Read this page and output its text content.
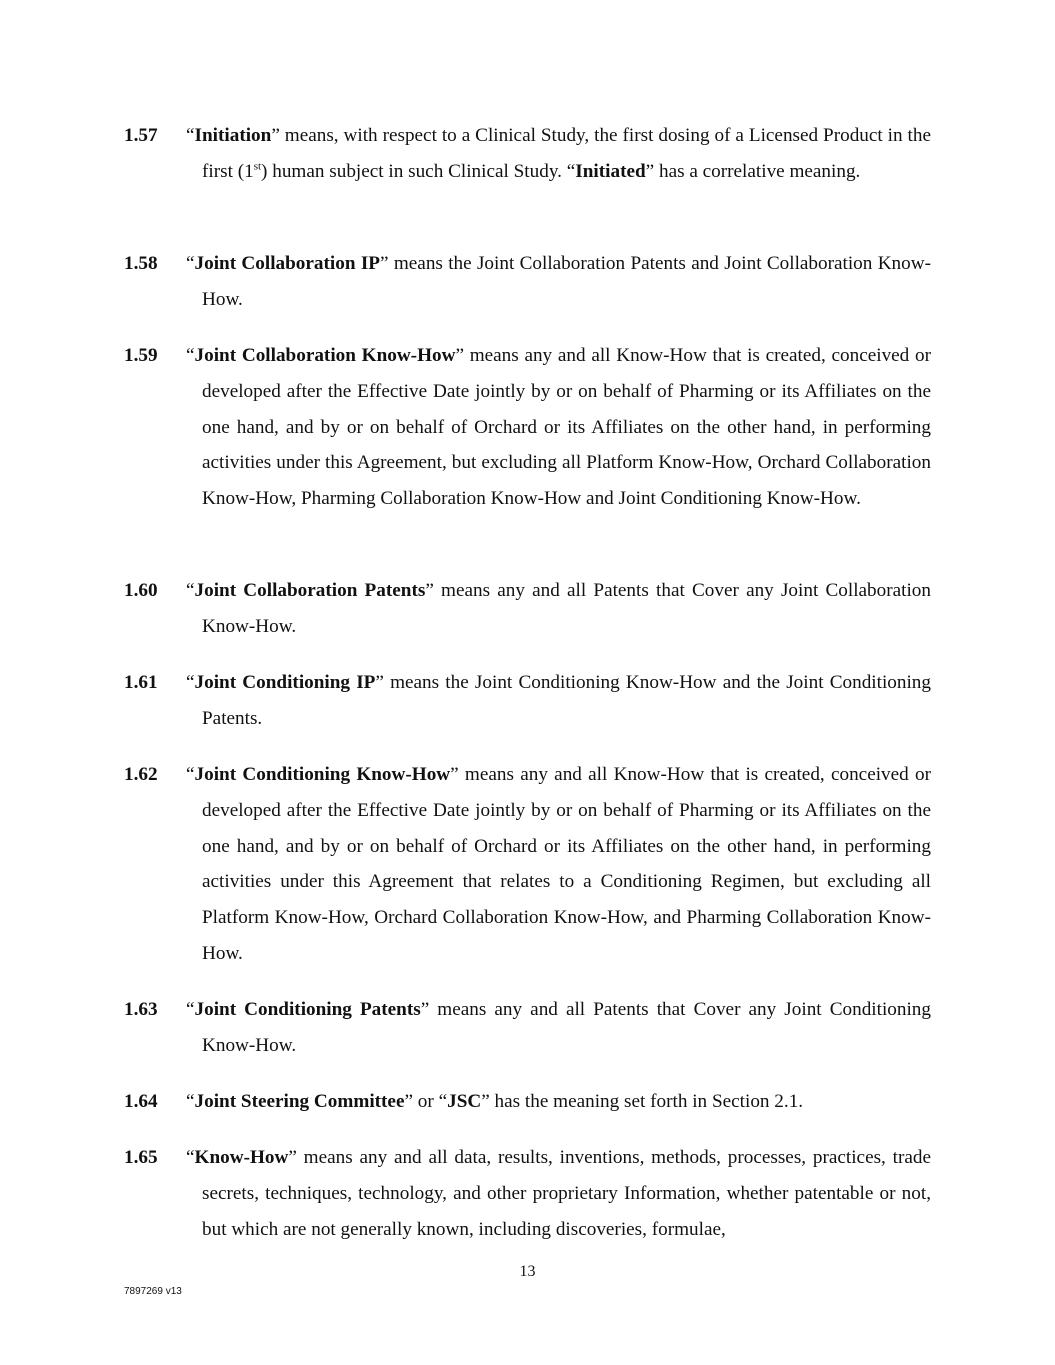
1.57 “Initiation” means, with respect to a Clinical Study, the first dosing of a Licensed Product in the first (1st) human subject in such Clinical Study. “Initiated” has a correlative meaning.
1.58 “Joint Collaboration IP” means the Joint Collaboration Patents and Joint Collaboration Know-How.
1.59 “Joint Collaboration Know-How” means any and all Know-How that is created, conceived or developed after the Effective Date jointly by or on behalf of Pharming or its Affiliates on the one hand, and by or on behalf of Orchard or its Affiliates on the other hand, in performing activities under this Agreement, but excluding all Platform Know-How, Orchard Collaboration Know-How, Pharming Collaboration Know-How and Joint Conditioning Know-How.
1.60 “Joint Collaboration Patents” means any and all Patents that Cover any Joint Collaboration Know-How.
1.61 “Joint Conditioning IP” means the Joint Conditioning Know-How and the Joint Conditioning Patents.
1.62 “Joint Conditioning Know-How” means any and all Know-How that is created, conceived or developed after the Effective Date jointly by or on behalf of Pharming or its Affiliates on the one hand, and by or on behalf of Orchard or its Affiliates on the other hand, in performing activities under this Agreement that relates to a Conditioning Regimen, but excluding all Platform Know-How, Orchard Collaboration Know-How, and Pharming Collaboration Know-How.
1.63 “Joint Conditioning Patents” means any and all Patents that Cover any Joint Conditioning Know-How.
1.64 “Joint Steering Committee” or “JSC” has the meaning set forth in Section 2.1.
1.65 “Know-How” means any and all data, results, inventions, methods, processes, practices, trade secrets, techniques, technology, and other proprietary Information, whether patentable or not, but which are not generally known, including discoveries, formulae,
13
7897269 v13
